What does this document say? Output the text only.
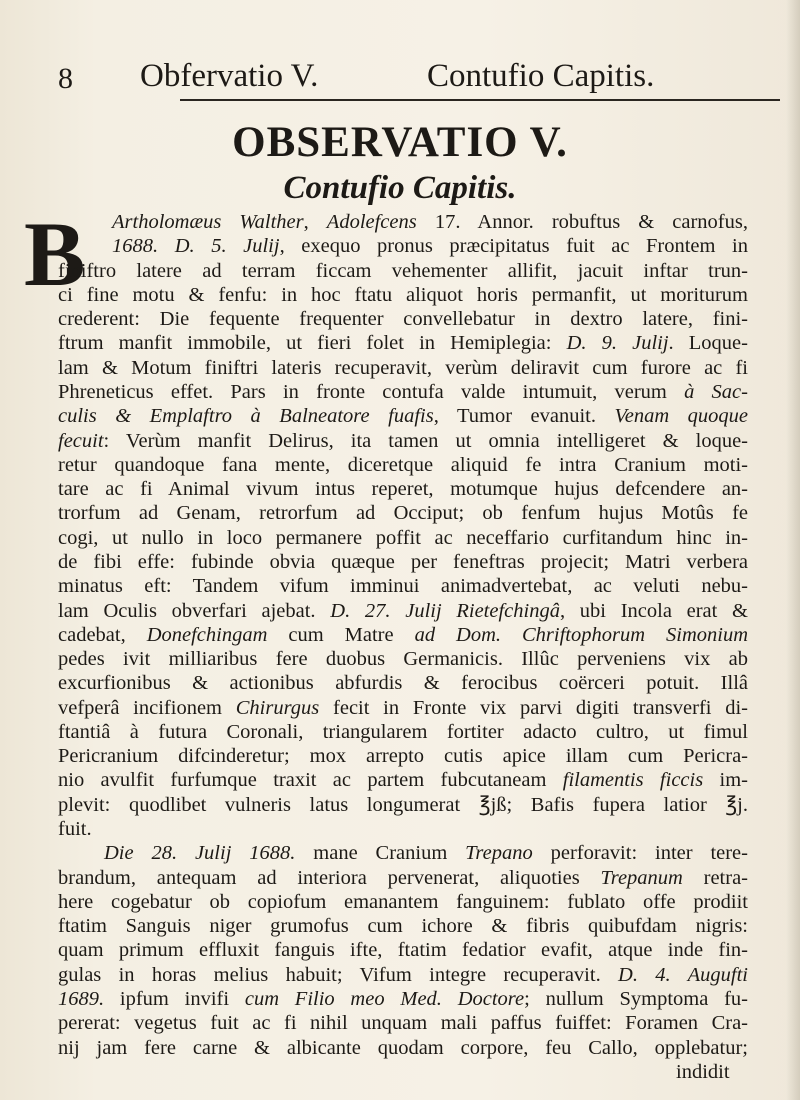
8 Obfervatio V.	Contufio Capitis.
OBSERVATIO V.
Contufio Capitis.
B Artholomæus Walther, Adolefcens 17. Annor. robuftus & carnofus,
1688. D. 5. Julij, exequo pronus præcipitatus fuit ac Frontem in
finiftro latere ad terram ficcam vehementer allifit, jacuit inftar trun-
ci fine motu & fenfu: in hoc ftatu aliquot horis permanfit, ut moriturum
crederent: Die fequente frequenter convellebatur in dextro latere, fini-
ftrum manfit immobile, ut fieri folet in Hemiplegia: D. 9. Julij. Loque-
lam & Motum finiftri lateris recuperavit, verùm deliravit cum furore ac fi
Phreneticus effet. Pars in fronte contufa valde intumuit, verum à Sac-
culis & Emplaftro à Balneatore fuafis, Tumor evanuit. Venam quoque
fecuit: Verùm manfit Delirus, ita tamen ut omnia intelligeret & loque-
retur quandoque fana mente, diceretque aliquid fe intra Cranium moti-
tare ac fi Animal vivum intus reperet, motumque hujus defcendere an-
trorfum ad Genam, retrorfum ad Occiput; ob fenfum hujus Motûs fe
cogi, ut nullo in loco permanere poffit ac neceffario curfitandum hinc in-
de fibi effe: fubinde obvia quæque per feneftras projecit; Matri verbera
minatus eft: Tandem vifum imminui animadvertebat, ac veluti nebu-
lam Oculis obverfari ajebat. D. 27. Julij Rietefchingâ, ubi Incola erat &
cadebat, Donefchingam cum Matre ad Dom. Chriftophorum Simonium
pedes ivit milliaribus fere duobus Germanicis. Illûc perveniens vix ab
excurfionibus & actionibus abfurdis & ferocibus coërceri potuit. Illâ
vefperâ incifionem Chirurgus fecit in Fronte vix parvi digiti transverfi di-
ftantiâ à futura Coronali, triangularem fortiter adacto cultro, ut fimul
Pericranium difcinderetur; mox arrepto cutis apice illam cum Pericra-
nio avulfit furfumque traxit ac partem fubcutaneam filamentis ficcis im-
plevit: quodlibet vulneris latus longumerat ℥jß; Bafis fupera latior ℥j.
fuit.
Die 28. Julij 1688. mane Cranium Trepano perforavit: inter tere-
brandum, antequam ad interiora pervenerat, aliquoties Trepanum retra-
here cogebatur ob copiofum emanantem fanguinem: fublato offe prodiit
ftatim Sanguis niger grumofus cum ichore & fibris quibufdam nigris:
quam primum effluxit fanguis ifte, ftatim fedatior evafit, atque inde fin-
gulas in horas melius habuit; Vifum integre recuperavit. D. 4. Augufti
1689. ipfum invifi cum Filio meo Med. Doctore; nullum Symptoma fu-
pererat: vegetus fuit ac fi nihil unquam mali paffus fuiffet: Foramen Cra-
nij jam fere carne & albicante quodam corpore, feu Callo, opplebatur;
indidit
